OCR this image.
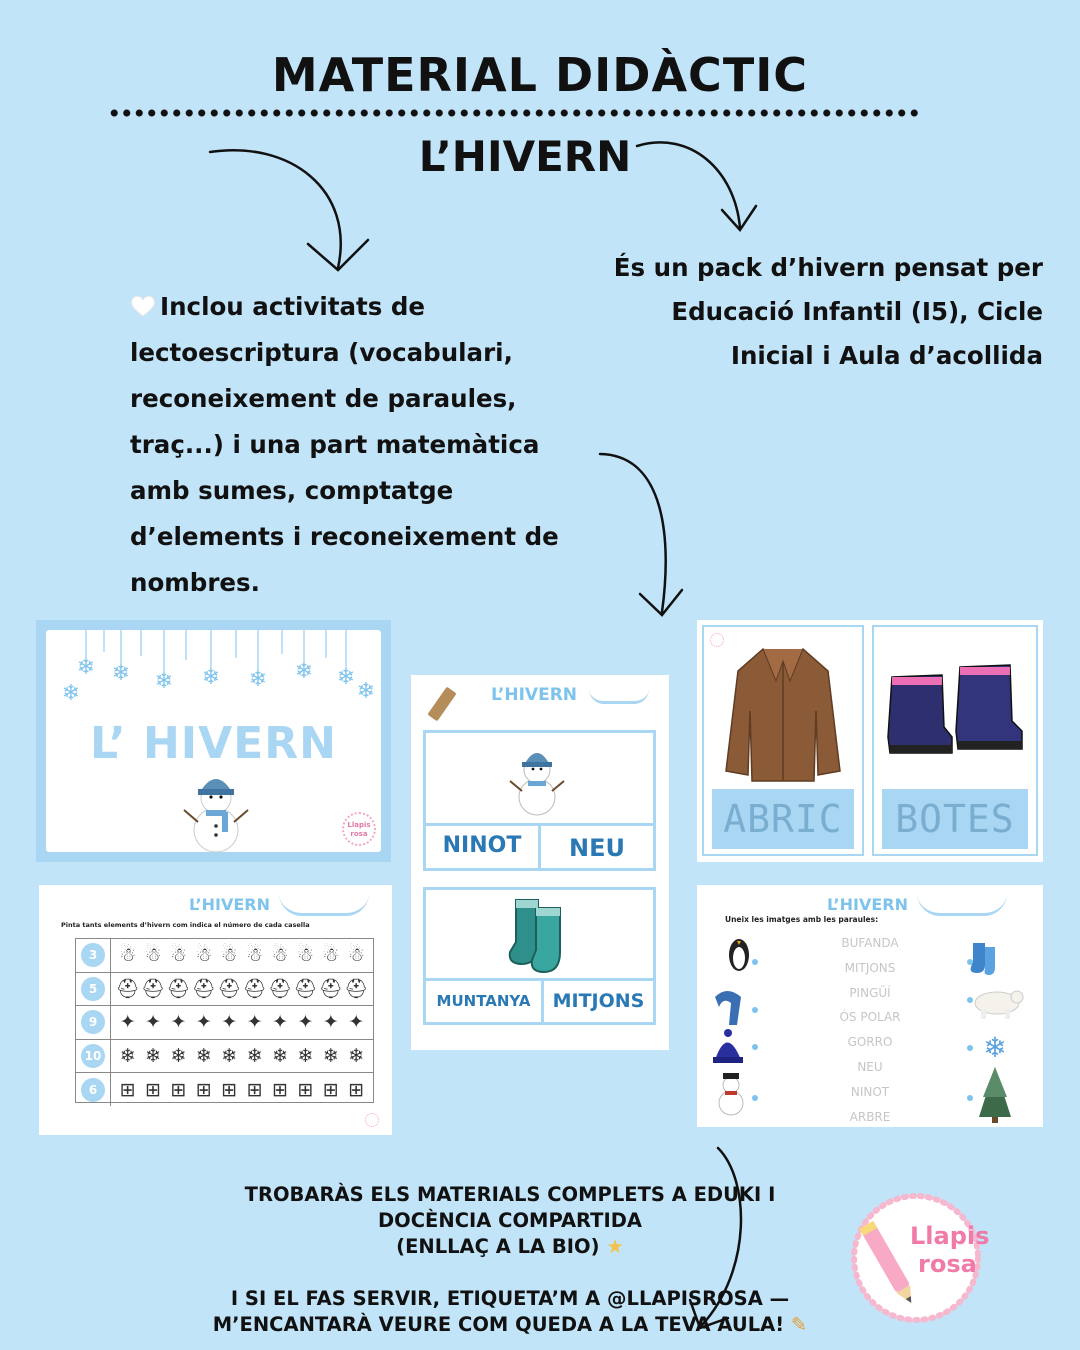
MATERIAL DIDÀCTIC
L’HIVERN
Inclou activitats de
lectoescriptura (vocabulari,
reconeixement de paraules,
traç...) i una part matemàtica
amb sumes, comptatge
d’elements i reconeixement de
nombres.
És un pack d’hivern pensat per
Educació Infantil (I5), Cicle
Inicial i Aula d’acollida
❄ ❄ ❄ ❄ ❄ ❄ ❄
❄	❄
L’ HIVERN
Llapis
rosa
L’HIVERN
NINOT	NEU
MUNTANYA	MITJONS
ABRIC	BOTES
L’HIVERN
Pinta tants elements d’hivern com indica el número de cada casella
3	☃ ☃ ☃ ☃ ☃ ☃ ☃ ☃ ☃ ☃
5 ⛑ ⛑ ⛑ ⛑ ⛑ ⛑ ⛑ ⛑ ⛑ ⛑
9	✦ ✦ ✦ ✦ ✦ ✦ ✦ ✦ ✦ ✦
10 ❄ ❄ ❄ ❄ ❄ ❄ ❄ ❄ ❄ ❄
6	⊞ ⊞ ⊞ ⊞ ⊞ ⊞ ⊞ ⊞ ⊞ ⊞
L’HIVERN
Uneix les imatges amb les paraules:
BUFANDA
MITJONS
PINGÜÍ
ÓS POLAR
GORRO
NEU
NINOT
ARBRE
❄

TROBARÀS ELS MATERIALS COMPLETS A EDUKI I

DOCÈNCIA COMPARTIDA

(ENLLAÇ A LA BIO) ★

I SI EL FAS SERVIR, ETIQUETA’M A @LLAPISROSA —

M’ENCANTARÀ VEURE COM QUEDA A LA TEVA AULA! ✎

Llapis
rosa
